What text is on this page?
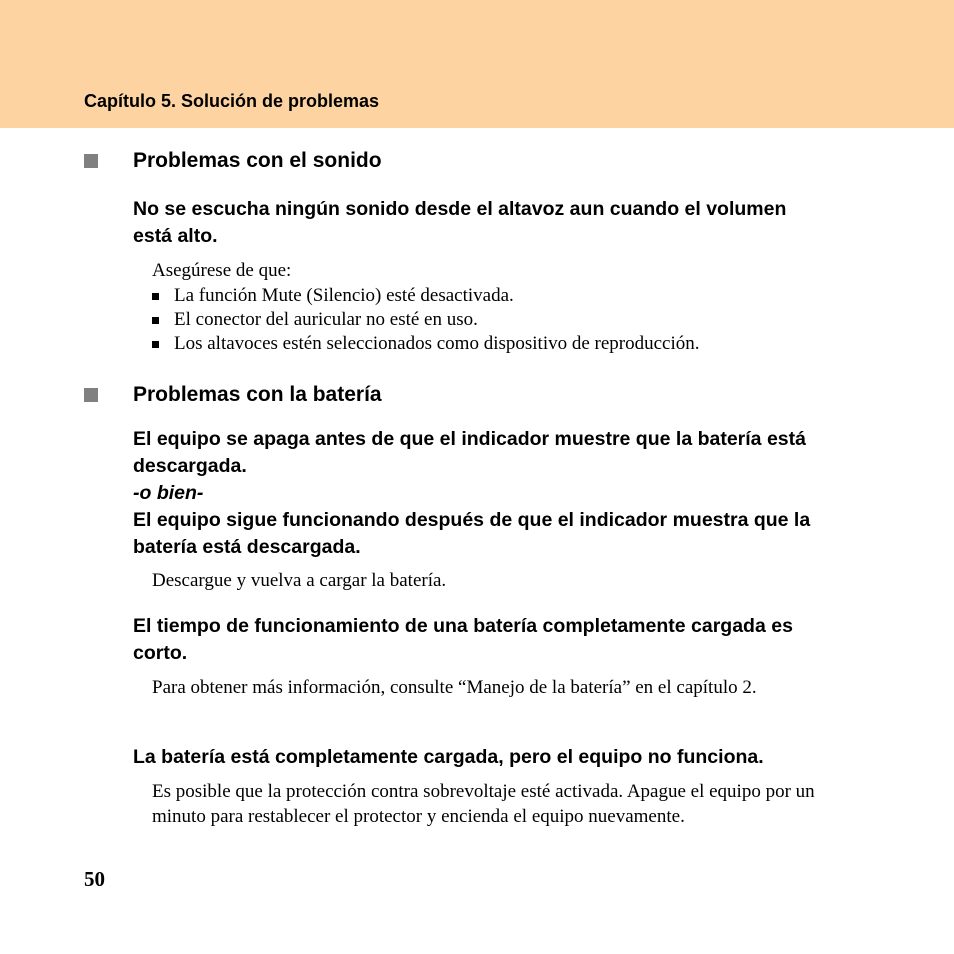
Capítulo 5. Solución de problemas

Problemas con el sonido
No se escucha ningún sonido desde el altavoz aun cuando el volumen está alto.

Asegúrese de que:

La función Mute (Silencio) esté desactivada.
El conector del auricular no esté en uso.
Los altavoces estén seleccionados como dispositivo de reproducción.
Problemas con la batería
El equipo se apaga antes de que el indicador muestre que la batería está descargada.
-o bien-
El equipo sigue funcionando después de que el indicador muestra que la batería está descargada.

Descargue y vuelva a cargar la batería.

El tiempo de funcionamiento de una batería completamente cargada es corto.

Para obtener más información, consulte “Manejo de la batería” en el capítulo 2.

La batería está completamente cargada, pero el equipo no funciona.

Es posible que la protección contra sobrevoltaje esté activada. Apague el equipo por un minuto para restablecer el protector y encienda el equipo nuevamente.

50
